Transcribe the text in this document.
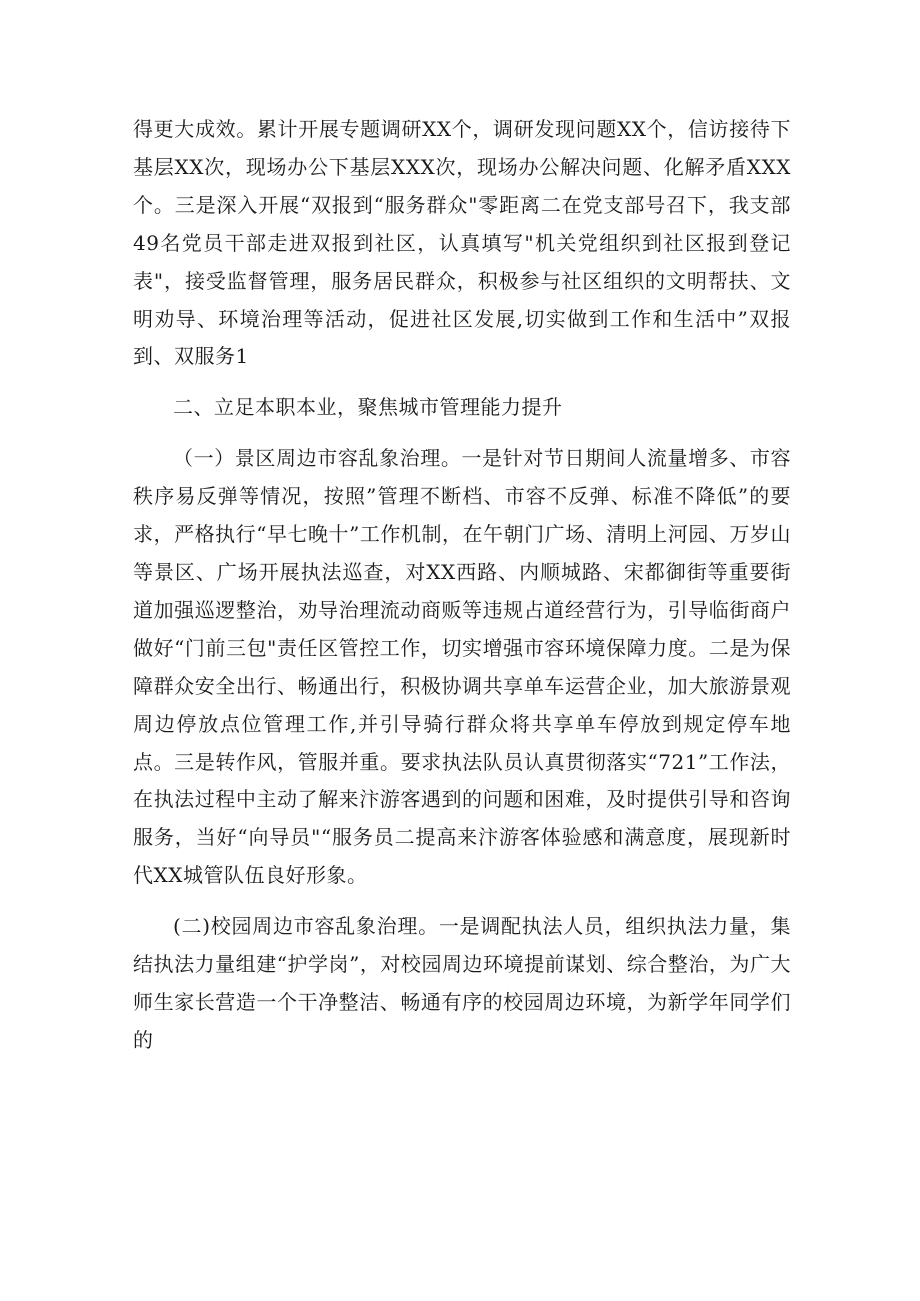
得更大成效。累计开展专题调研XX个，调研发现问题XX个，信访接待下基层XX次，现场办公下基层XXX次，现场办公解决问题、化解矛盾XXX个。三是深入开展“双报到“服务群众"零距离二在党支部号召下，我支部49名党员干部走进双报到社区，认真填写"机关党组织到社区报到登记表"，接受监督管理，服务居民群众，积极参与社区组织的文明帮扶、文明劝导、环境治理等活动，促进社区发展,切实做到工作和生活中”双报到、双服务1

二、立足本职本业，聚焦城市管理能力提升

（一）景区周边市容乱象治理。一是针对节日期间人流量增多、市容秩序易反弹等情况，按照”管理不断档、市容不反弹、标准不降低”的要求，严格执行“早七晚十”工作机制，在午朝门广场、清明上河园、万岁山等景区、广场开展执法巡查，对XX西路、内顺城路、宋都御街等重要街道加强巡逻整治，劝导治理流动商贩等违规占道经营行为，引导临街商户做好“门前三包"责任区管控工作，切实增强市容环境保障力度。二是为保障群众安全出行、畅通出行，积极协调共享单车运营企业，加大旅游景观周边停放点位管理工作,并引导骑行群众将共享单车停放到规定停车地点。三是转作风，管服并重。要求执法队员认真贯彻落实“721”工作法，在执法过程中主动了解来汴游客遇到的问题和困难，及时提供引导和咨询服务，当好“向导员"“服务员二提高来汴游客体验感和满意度，展现新时代XX城管队伍良好形象。

(二)校园周边市容乱象治理。一是调配执法人员，组织执法力量，集结执法力量组建“护学岗”，对校园周边环境提前谋划、综合整治，为广大师生家长营造一个干净整洁、畅通有序的校园周边环境，为新学年同学们的
